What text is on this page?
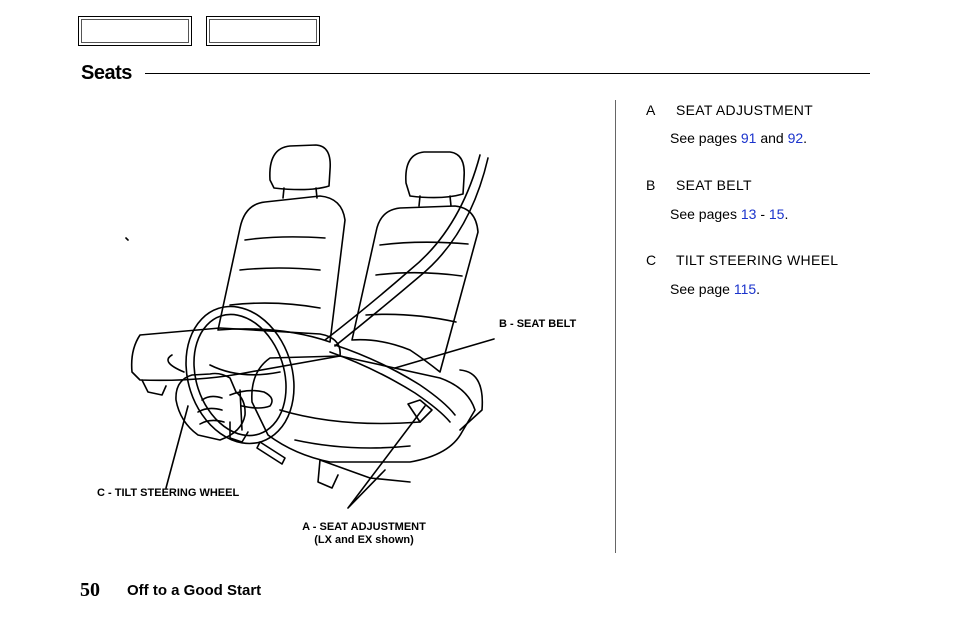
Seats
B - SEAT BELT
C - TILT STEERING WHEEL
A - SEAT ADJUSTMENT
(LX and EX shown)
A SEAT ADJUSTMENT
See pages 91 and 92.
B SEAT BELT
See pages 13 - 15.
C TILT STEERING WHEEL
See page 115.
50 Off to a Good Start
